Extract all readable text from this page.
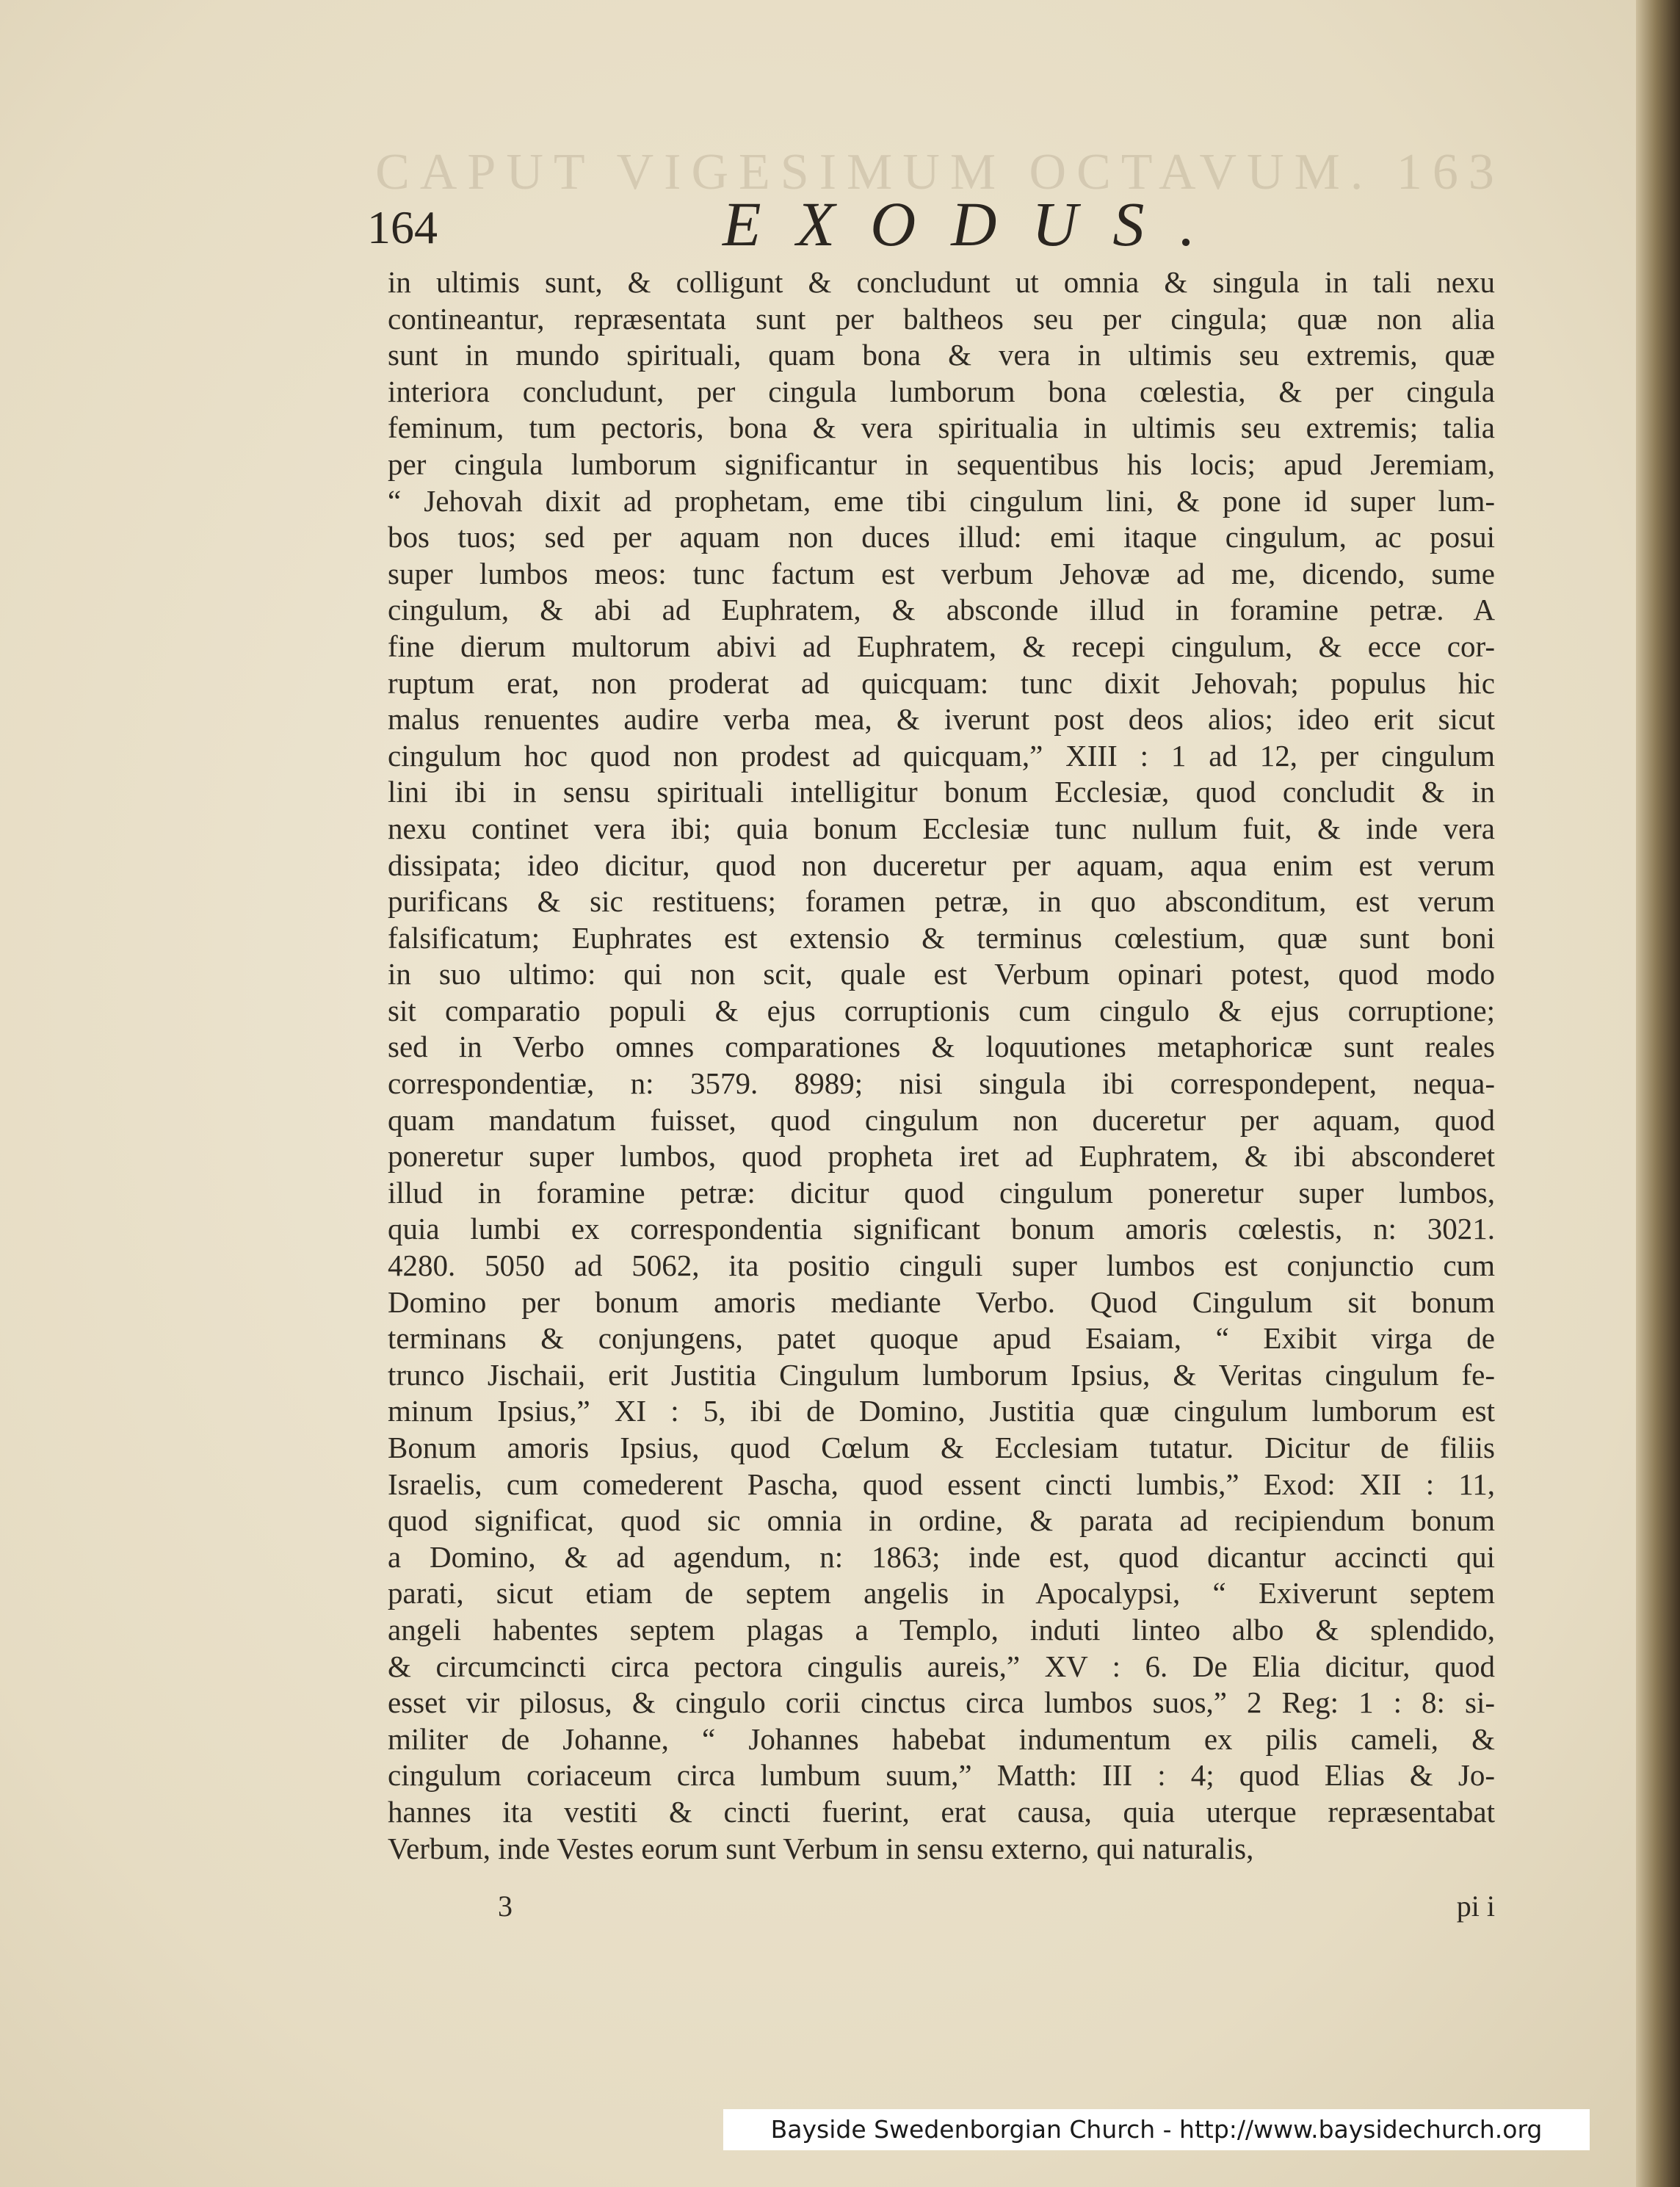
CAPUT VIGESIMUM OCTAVUM. 163
164	EXODUS.
in ultimis sunt, & colligunt & concludunt ut omnia & singula in tali nexu
contineantur, repræsentata sunt per baltheos seu per cingula; quæ non alia
sunt in mundo spirituali, quam bona & vera in ultimis seu extremis, quæ
interiora concludunt, per cingula lumborum bona cœlestia, & per cingula
feminum, tum pectoris, bona & vera spiritualia in ultimis seu extremis; talia
per cingula lumborum significantur in sequentibus his locis; apud Jeremiam,
“ Jehovah dixit ad prophetam, eme tibi cingulum lini, & pone id super lum-
bos tuos; sed per aquam non duces illud: emi itaque cingulum, ac posui
super lumbos meos: tunc factum est verbum Jehovæ ad me, dicendo, sume
cingulum, & abi ad Euphratem, & absconde illud in foramine petræ. A
fine dierum multorum abivi ad Euphratem, & recepi cingulum, & ecce cor-
ruptum erat, non proderat ad quicquam: tunc dixit Jehovah; populus hic
malus renuentes audire verba mea, & iverunt post deos alios; ideo erit sicut
cingulum hoc quod non prodest ad quicquam,” XIII : 1 ad 12, per cingulum
lini ibi in sensu spirituali intelligitur bonum Ecclesiæ, quod concludit & in
nexu continet vera ibi; quia bonum Ecclesiæ tunc nullum fuit, & inde vera
dissipata; ideo dicitur, quod non duceretur per aquam, aqua enim est verum
purificans & sic restituens; foramen petræ, in quo absconditum, est verum
falsificatum; Euphrates est extensio & terminus cœlestium, quæ sunt boni
in suo ultimo: qui non scit, quale est Verbum opinari potest, quod modo
sit comparatio populi & ejus corruptionis cum cingulo & ejus corruptione;
sed in Verbo omnes comparationes & loquutiones metaphoricæ sunt reales
correspondentiæ, n: 3579. 8989; nisi singula ibi correspondерent, nequa-
quam mandatum fuisset, quod cingulum non duceretur per aquam, quod
poneretur super lumbos, quod propheta iret ad Euphratem, & ibi absconderet
illud in foramine petræ: dicitur quod cingulum poneretur super lumbos,
quia lumbi ex correspondentia significant bonum amoris cœlestis, n: 3021.
4280. 5050 ad 5062, ita positio cinguli super lumbos est conjunctio cum
Domino per bonum amoris mediante Verbo. Quod Cingulum sit bonum
terminans & conjungens, patet quoque apud Esaiam, “ Exibit virga de
trunco Jischaii, erit Justitia Cingulum lumborum Ipsius, & Veritas cingulum fe-
minum Ipsius,” XI : 5, ibi de Domino, Justitia quæ cingulum lumborum est
Bonum amoris Ipsius, quod Cœlum & Ecclesiam tutatur. Dicitur de filiis
Israelis, cum comederent Pascha, quod essent cincti lumbis,” Exod: XII : 11,
quod significat, quod sic omnia in ordine, & parata ad recipiendum bonum
a Domino, & ad agendum, n: 1863; inde est, quod dicantur accincti qui
parati, sicut etiam de septem angelis in Apocalypsi, “ Exiverunt septem
angeli habentes septem plagas a Templo, induti linteo albo & splendido,
& circumcincti circa pectora cingulis aureis,” XV : 6. De Elia dicitur, quod
esset vir pilosus, & cingulo corii cinctus circa lumbos suos,” 2 Reg: 1 : 8: si-
militer de Johanne, “ Johannes habebat indumentum ex pilis cameli, &
cingulum coriaceum circa lumbum suum,” Matth: III : 4; quod Elias & Jo-
hannes ita vestiti & cincti fuerint, erat causa, quia uterque repræsentabat
Verbum, inde Vestes eorum sunt Verbum in sensu externo, qui naturalis,
3	pi i
Bayside Swedenborgian Church - http://www.baysidechurch.org
